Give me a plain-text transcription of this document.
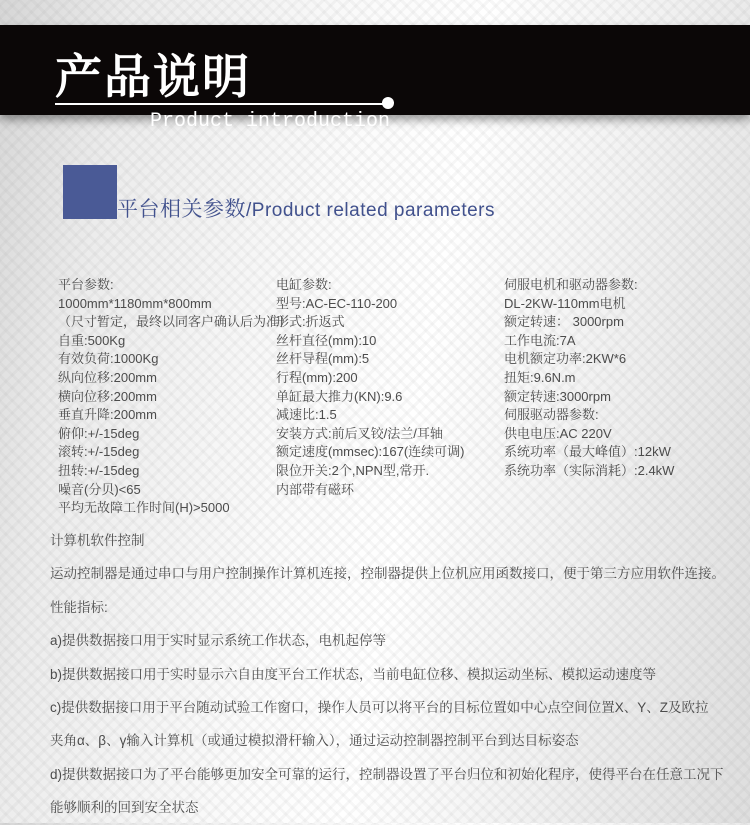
产品说明
Product introduction
平台相关参数/Product related parameters
平台参数:
1000mm*1180mm*800mm
（尺寸暂定，最终以同客户确认后为准）
自重:500Kg
有效负荷:1000Kg
纵向位移:200mm
横向位移:200mm
垂直升降:200mm
俯仰:+/-15deg
滚转:+/-15deg
扭转:+/-15deg
噪音(分贝)<65
平均无故障工作时间(H)>5000
电缸参数:
型号:AC-EC-110-200
形式:折返式
丝杆直径(mm):10
丝杆导程(mm):5
行程(mm):200
单缸最大推力(KN):9.6
减速比:1.5
安装方式:前后叉铰/法兰/耳轴
额定速度(mmsec):167(连续可调)
限位开关:2个,NPN型,常开.
内部带有磁环
伺服电机和驱动器参数:
DL-2KW-110mm电机
额定转速： 3000rpm
工作电流:7A
电机额定功率:2KW*6
扭矩:9.6N.m
额定转速:3000rpm
伺服驱动器参数:
供电电压:AC 220V
系统功率（最大峰值）:12kW
系统功率（实际消耗）:2.4kW
计算机软件控制
运动控制器是通过串口与用户控制操作计算机连接，控制器提供上位机应用函数接口，便于第三方应用软件连接。
性能指标:
a)提供数据接口用于实时显示系统工作状态，电机起停等
b)提供数据接口用于实时显示六自由度平台工作状态，当前电缸位移、模拟运动坐标、模拟运动速度等
c)提供数据接口用于平台随动试验工作窗口，操作人员可以将平台的目标位置如中心点空间位置X、Y、Z及欧拉
夹角α、β、γ输入计算机（或通过模拟滑杆输入），通过运动控制器控制平台到达目标姿态
d)提供数据接口为了平台能够更加安全可靠的运行，控制器设置了平台归位和初始化程序，使得平台在任意工况下
能够顺利的回到安全状态
